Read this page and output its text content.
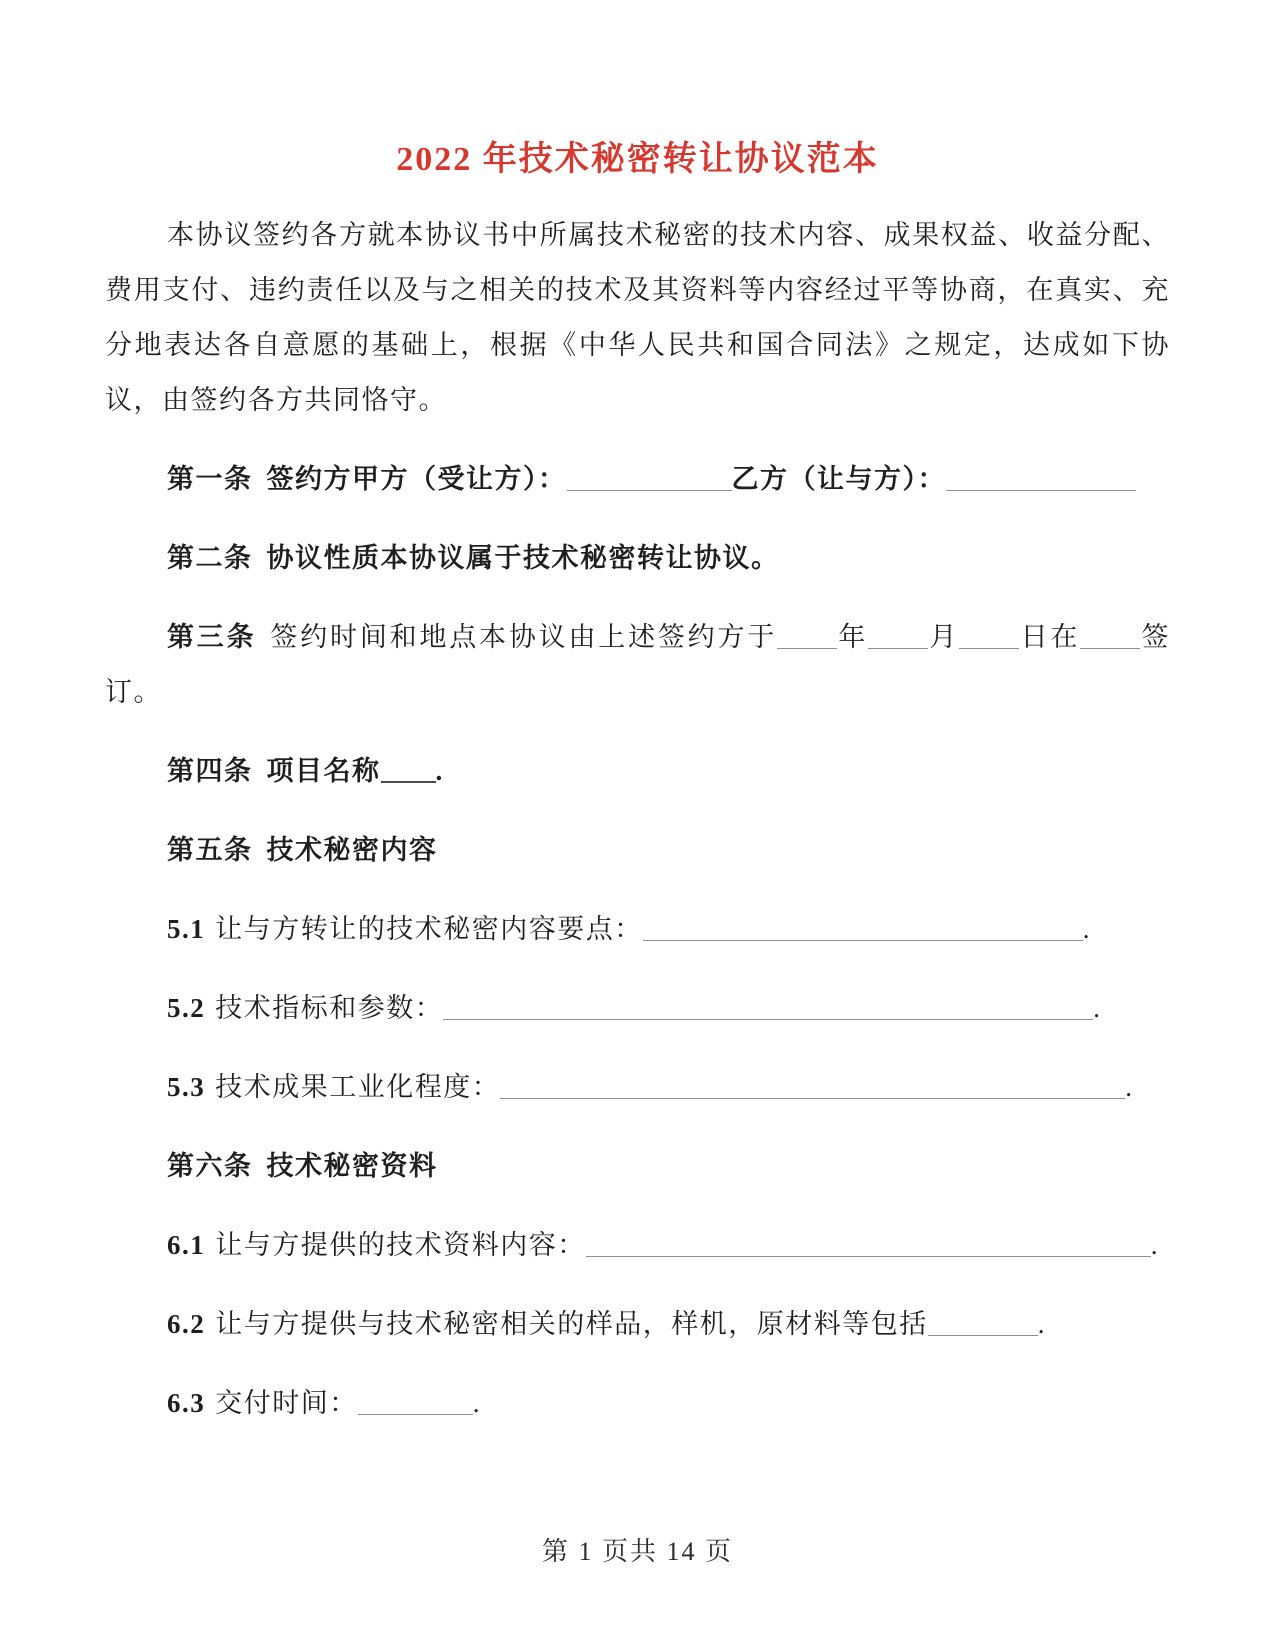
2022 年技术秘密转让协议范本

本协议签约各方就本协议书中所属技术秘密的技术内容、成果权益、收益分配、费用支付、违约责任以及与之相关的技术及其资料等内容经过平等协商，在真实、充分地表达各自意愿的基础上，根据《中华人民共和国合同法》之规定，达成如下协议，由签约各方共同恪守。

第一条 签约方甲方（受让方）：	乙方（让与方）：

第二条 协议性质本协议属于技术秘密转让协议。

第三条 签约时间和地点本协议由上述签约方于 年 月 日在 签订。

第四条 项目名称 .

第五条 技术秘密内容

5.1 让与方转让的技术秘密内容要点：	.

5.2 技术指标和参数：	.

5.3 技术成果工业化程度：	.

第六条 技术秘密资料

6.1 让与方提供的技术资料内容：	.

6.2 让与方提供与技术秘密相关的样品，样机，原材料等包括	.

6.3 交付时间：	.

第 1 页共 14 页
